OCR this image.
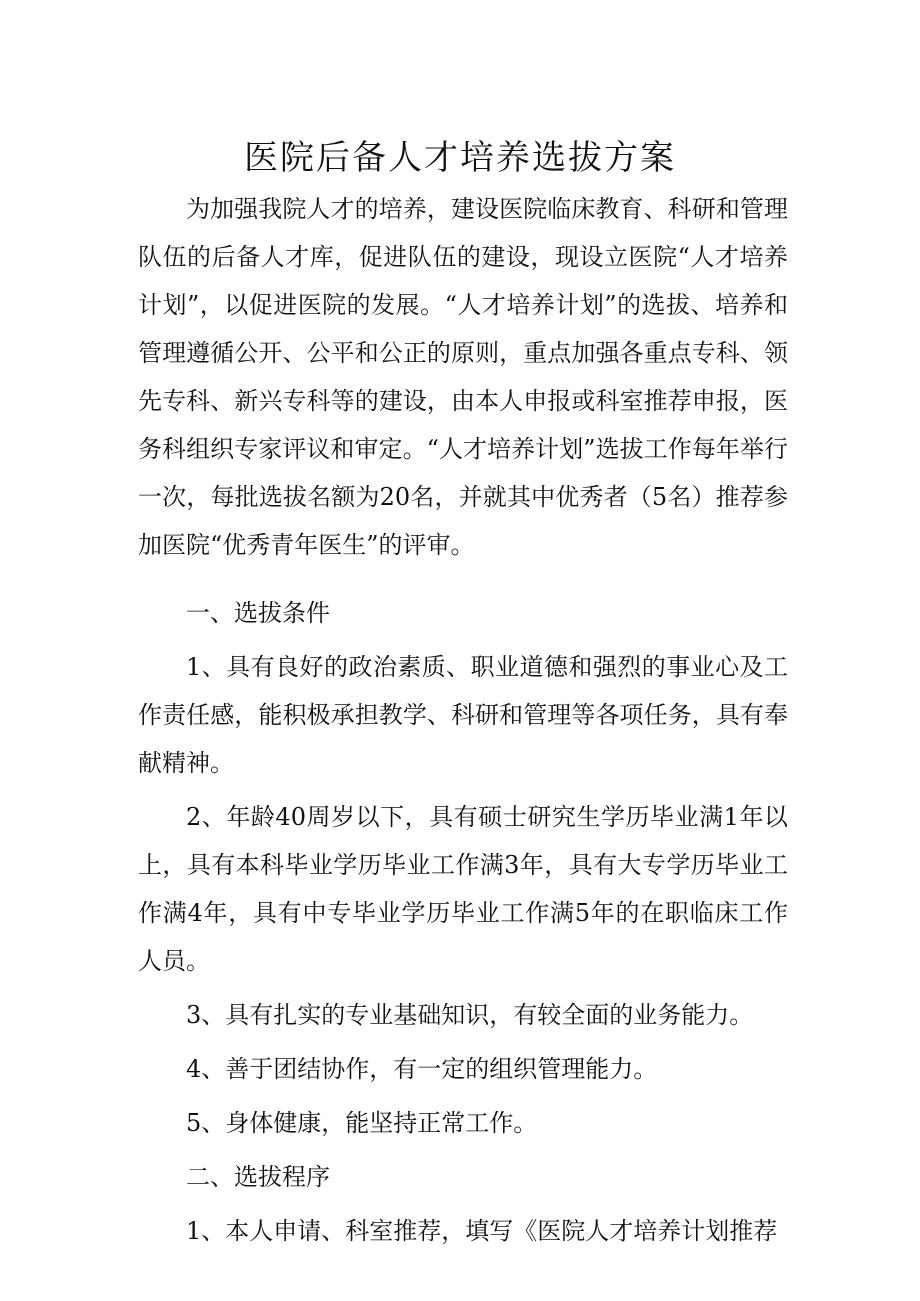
医院后备人才培养选拔方案

为加强我院人才的培养，建设医院临床教育、科研和管理队伍的后备人才库，促进队伍的建设，现设立医院“人才培养计划”，以促进医院的发展。“人才培养计划”的选拔、培养和管理遵循公开、公平和公正的原则，重点加强各重点专科、领先专科、新兴专科等的建设，由本人申报或科室推荐申报，医务科组织专家评议和审定。“人才培养计划”选拔工作每年举行一次，每批选拔名额为20名，并就其中优秀者（5名）推荐参加医院“优秀青年医生”的评审。

一、选拔条件

1、具有良好的政治素质、职业道德和强烈的事业心及工作责任感，能积极承担教学、科研和管理等各项任务，具有奉献精神。

2、年龄40周岁以下，具有硕士研究生学历毕业满1年以上，具有本科毕业学历毕业工作满3年，具有大专学历毕业工作满4年，具有中专毕业学历毕业工作满5年的在职临床工作人员。

3、具有扎实的专业基础知识，有较全面的业务能力。

4、善于团结协作，有一定的组织管理能力。

5、身体健康，能坚持正常工作。

二、选拔程序

1、本人申请、科室推荐，填写《医院人才培养计划推荐
